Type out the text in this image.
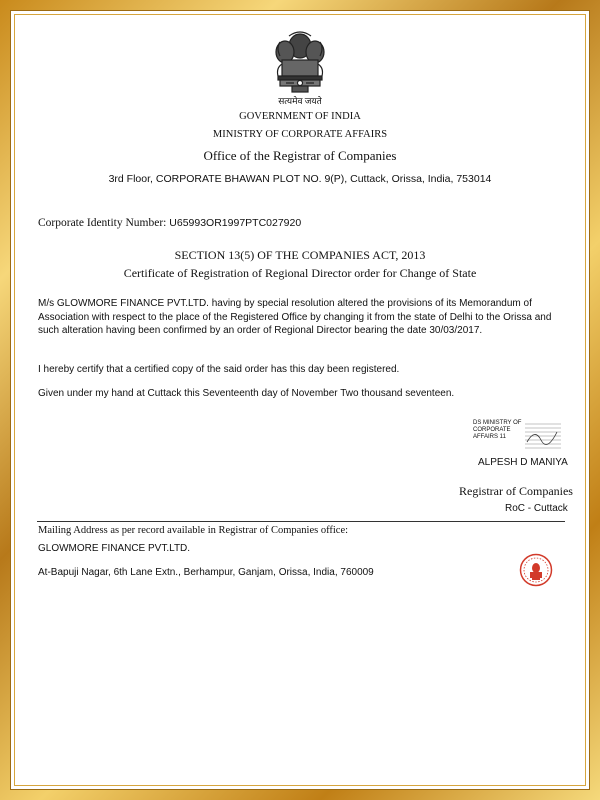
सत्यमेव जयते
GOVERNMENT OF INDIA
MINISTRY OF CORPORATE AFFAIRS
Office of the Registrar of Companies
3rd Floor, CORPORATE BHAWAN PLOT NO. 9(P), Cuttack, Orissa, India, 753014
Corporate Identity Number: U65993OR1997PTC027920
SECTION 13(5) OF THE COMPANIES ACT, 2013
Certificate of Registration of Regional Director order for Change of State
M/s GLOWMORE FINANCE PVT.LTD. having by special resolution altered the provisions of its Memorandum of Association with respect to the place of the Registered Office by changing it from the state of Delhi to the Orissa and such alteration having been confirmed by an order of Regional Director bearing the date 30/03/2017.
I hereby certify that a certified copy of the said order has this day been registered.
Given under my hand at Cuttack this Seventeenth day of November Two thousand seventeen.
DS MINISTRY OF CORPORATE AFFAIRS 11
ALPESH D MANIYA
Registrar of Companies
RoC - Cuttack
Mailing Address as per record available in Registrar of Companies office:
GLOWMORE FINANCE PVT.LTD.
At-Bapuji Nagar, 6th Lane Extn., Berhampur, Ganjam, Orissa, India, 760009
